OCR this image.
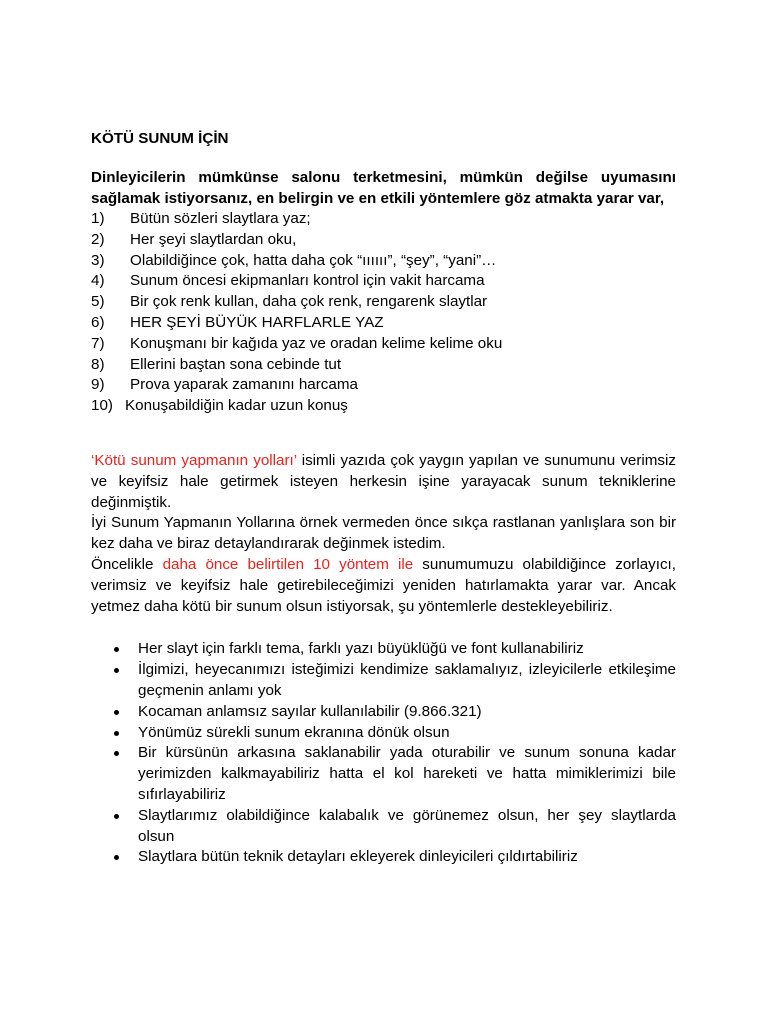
KÖTÜ SUNUM İÇİN

Dinleyicilerin mümkünse salonu terketmesini, mümkün değilse uyumasını sağlamak istiyorsanız, en belirgin ve en etkili yöntemlere göz atmakta yarar var,

1)	Bütün sözleri slaytlara yaz;
2)	Her şeyi slaytlardan oku,
3)	Olabildiğince çok, hatta daha çok “ıııııı”, “şey”, “yani”…
4)	Sunum öncesi ekipmanları kontrol için vakit harcama
5)	Bir çok renk kullan, daha çok renk, rengarenk slaytlar
6)	HER ŞEYİ BÜYÜK HARFLARLE YAZ
7)	Konuşmanı bir kağıda yaz ve oradan kelime kelime oku
8)	Ellerini baştan sona cebinde tut
9)	Prova yaparak zamanını harcama
10) Konuşabildiğin kadar uzun konuş

‘Kötü sunum yapmanın yolları’ isimli yazıda çok yaygın yapılan ve sunumunu verimsiz ve keyifsiz hale getirmek isteyen herkesin işine yarayacak sunum tekniklerine değinmiştik.

İyi Sunum Yapmanın Yollarına örnek vermeden önce sıkça rastlanan yanlışlara son bir kez daha ve biraz detaylandırarak değinmek istedim.

Öncelikle daha önce belirtilen 10 yöntem ile sunumumuzu olabildiğince zorlayıcı, verimsiz ve keyifsiz hale getirebileceğimizi yeniden hatırlamakta yarar var. Ancak yetmez daha kötü bir sunum olsun istiyorsak, şu yöntemlerle destekleyebiliriz.

Her slayt için farklı tema, farklı yazı büyüklüğü ve font kullanabiliriz
İlgimizi, heyecanımızı isteğimizi kendimize saklamalıyız, izleyicilerle etkileşime geçmenin anlamı yok
Kocaman anlamsız sayılar kullanılabilir (9.866.321)
Yönümüz sürekli sunum ekranına dönük olsun
Bir kürsünün arkasına saklanabilir yada oturabilir ve sunum sonuna kadar yerimizden kalkmayabiliriz hatta el kol hareketi ve hatta mimiklerimizi bile sıfırlayabiliriz
Slaytlarımız olabildiğince kalabalık ve görünemez olsun, her şey slaytlarda olsun
Slaytlara bütün teknik detayları ekleyerek dinleyicileri çıldırtabiliriz
